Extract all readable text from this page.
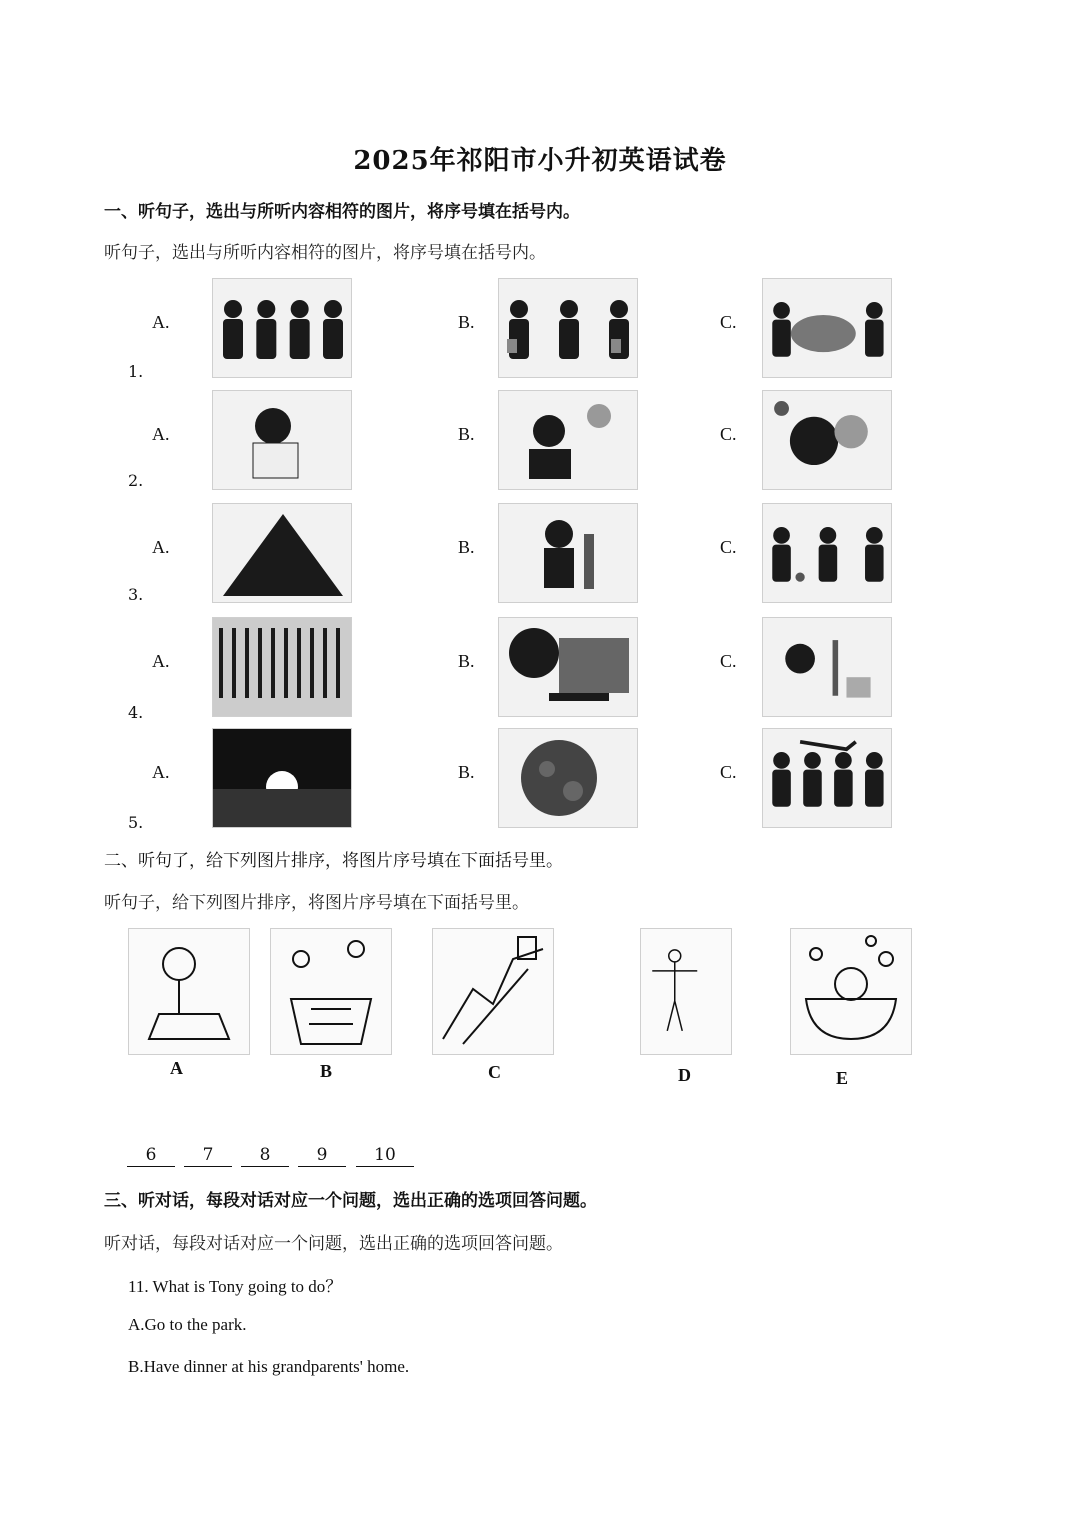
2025年祁阳市小升初英语试卷
一、听句子，选出与所听内容相符的图片，将序号填在括号内。
听句子，选出与所听内容相符的图片，将序号填在括号内。
1.
A.	B.	C.
2.
A.	B.	C.
3.
A.	B.	C.
4.
A.	B.	C.
5.
A.	B.	C.
二、听句了，给下列图片排序，将图片序号填在下面括号里。
听句子，给下列图片排序，将图片序号填在下面括号里。
A	B	C	D	E
6	7	8	9	10
三、听对话，每段对话对应一个问题，选出正确的选项回答问题。
听对话，每段对话对应一个问题，选出正确的选项回答问题。
11. What is Tony going to do？
A.Go to the park.
B.Have dinner at his grandparents' home.
